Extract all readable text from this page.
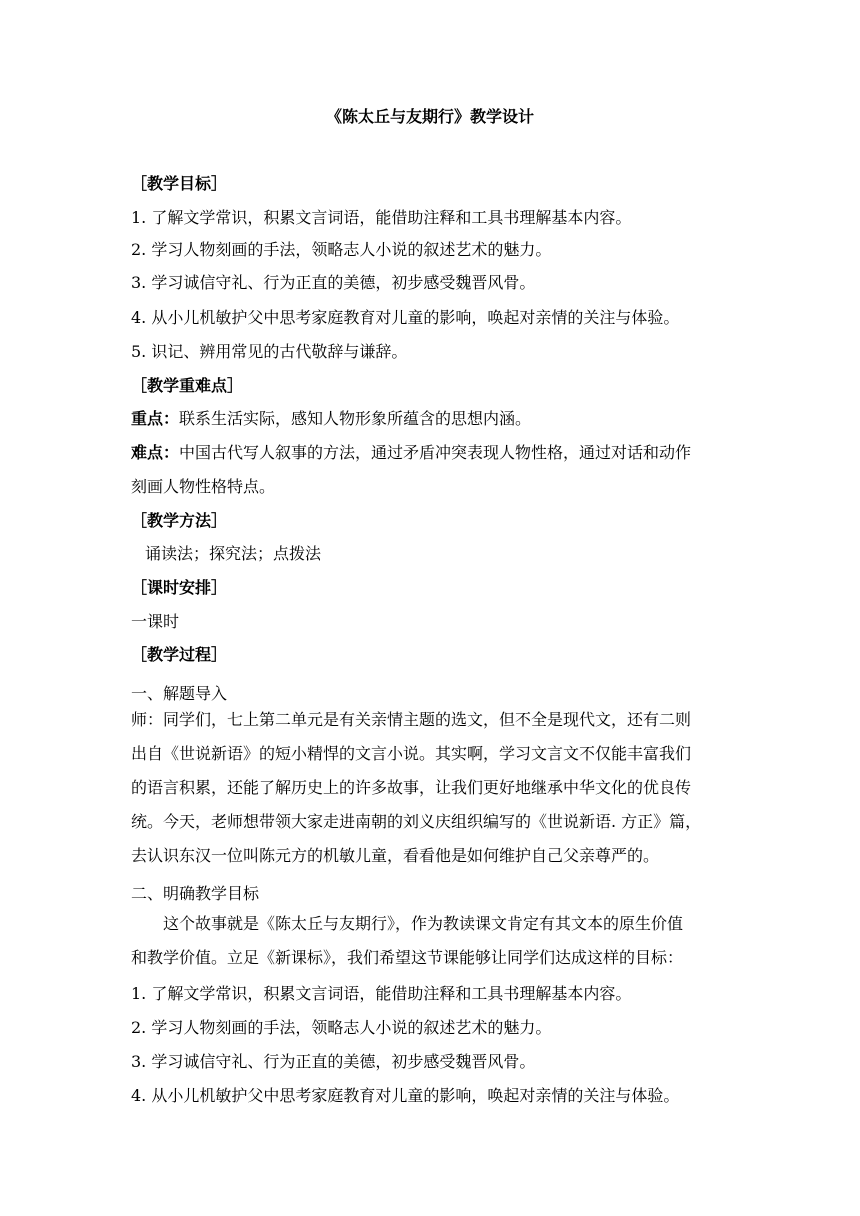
《陈太丘与友期行》教学设计
［教学目标］
1. 了解文学常识，积累文言词语，能借助注释和工具书理解基本内容。
2. 学习人物刻画的手法，领略志人小说的叙述艺术的魅力。
3. 学习诚信守礼、行为正直的美德，初步感受魏晋风骨。
4. 从小儿机敏护父中思考家庭教育对儿童的影响，唤起对亲情的关注与体验。
5. 识记、辨用常见的古代敬辞与谦辞。
［教学重难点］
重点：联系生活实际，感知人物形象所蕴含的思想内涵。
难点：中国古代写人叙事的方法，通过矛盾冲突表现人物性格，通过对话和动作
刻画人物性格特点。
［教学方法］
诵读法；探究法；点拨法
［课时安排］
一课时
［教学过程］
一、解题导入
师：同学们，七上第二单元是有关亲情主题的选文，但不全是现代文，还有二则
出自《世说新语》的短小精悍的文言小说。其实啊，学习文言文不仅能丰富我们
的语言积累，还能了解历史上的许多故事，让我们更好地继承中华文化的优良传
统。今天，老师想带领大家走进南朝的刘义庆组织编写的《世说新语. 方正》篇，
去认识东汉一位叫陈元方的机敏儿童，看看他是如何维护自己父亲尊严的。
二、明确教学目标
这个故事就是《陈太丘与友期行》，作为教读课文肯定有其文本的原生价值
和教学价值。立足《新课标》，我们希望这节课能够让同学们达成这样的目标：
1. 了解文学常识，积累文言词语，能借助注释和工具书理解基本内容。
2. 学习人物刻画的手法，领略志人小说的叙述艺术的魅力。
3. 学习诚信守礼、行为正直的美德，初步感受魏晋风骨。
4. 从小儿机敏护父中思考家庭教育对儿童的影响，唤起对亲情的关注与体验。
